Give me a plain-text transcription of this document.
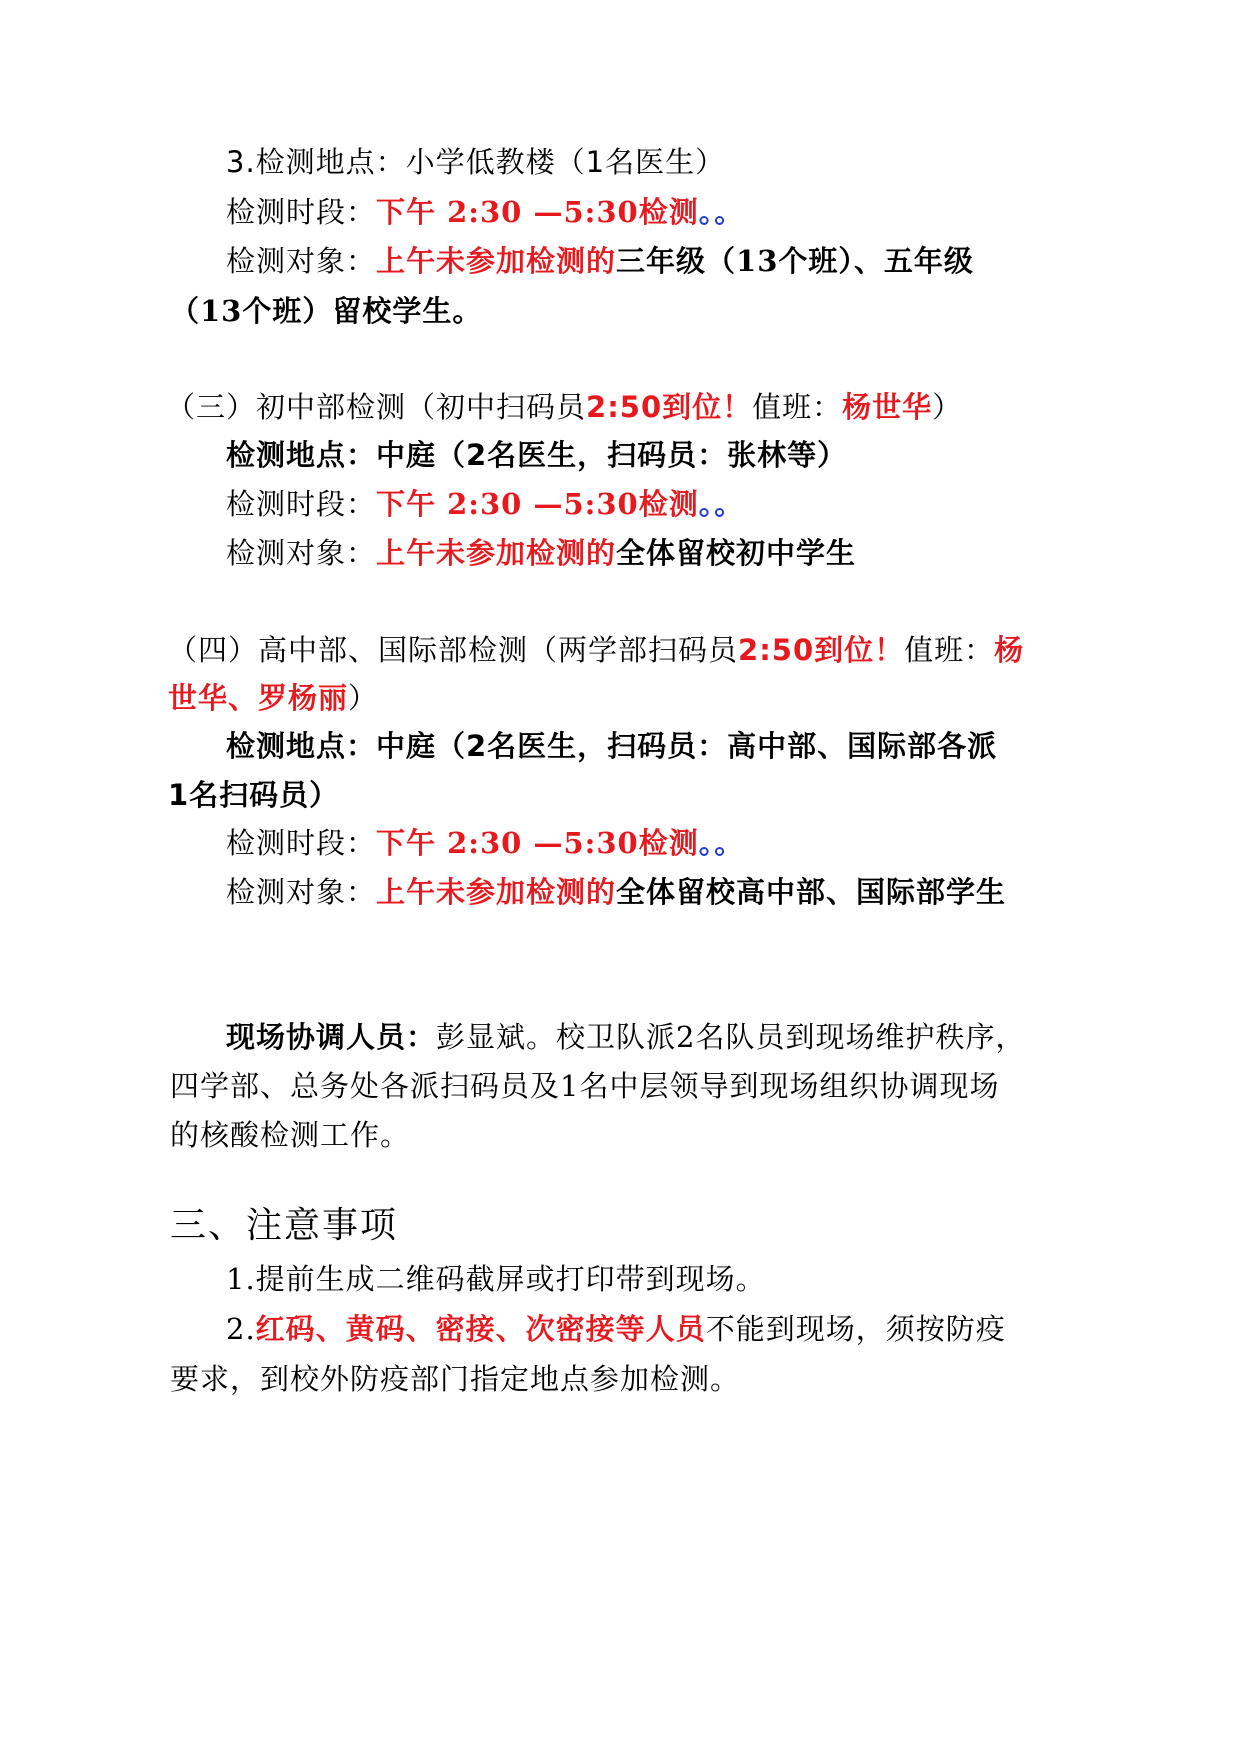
3.检测地点：小学低教楼（1名医生）
检测时段：下午 2:30 —5:30检测。。
检测对象：上午未参加检测的三年级（13个班）、五年级
（13个班）留校学生。
（三）初中部检测（初中扫码员2:50到位！值班：杨世华）
检测地点：中庭（2名医生，扫码员：张林等）
检测时段：下午 2:30 —5:30检测。。
检测对象：上午未参加检测的全体留校初中学生
（四）高中部、国际部检测（两学部扫码员2:50到位！值班：杨
世华、罗杨丽）
检测地点：中庭（2名医生，扫码员：高中部、国际部各派
1名扫码员）
检测时段：下午 2:30 —5:30检测。。
检测对象：上午未参加检测的全体留校高中部、国际部学生
现场协调人员：彭显斌。校卫队派2名队员到现场维护秩序，
四学部、总务处各派扫码员及1名中层领导到现场组织协调现场
的核酸检测工作。
三、注意事项
1.提前生成二维码截屏或打印带到现场。
2.红码、黄码、密接、次密接等人员不能到现场，须按防疫
要求，到校外防疫部门指定地点参加检测。
